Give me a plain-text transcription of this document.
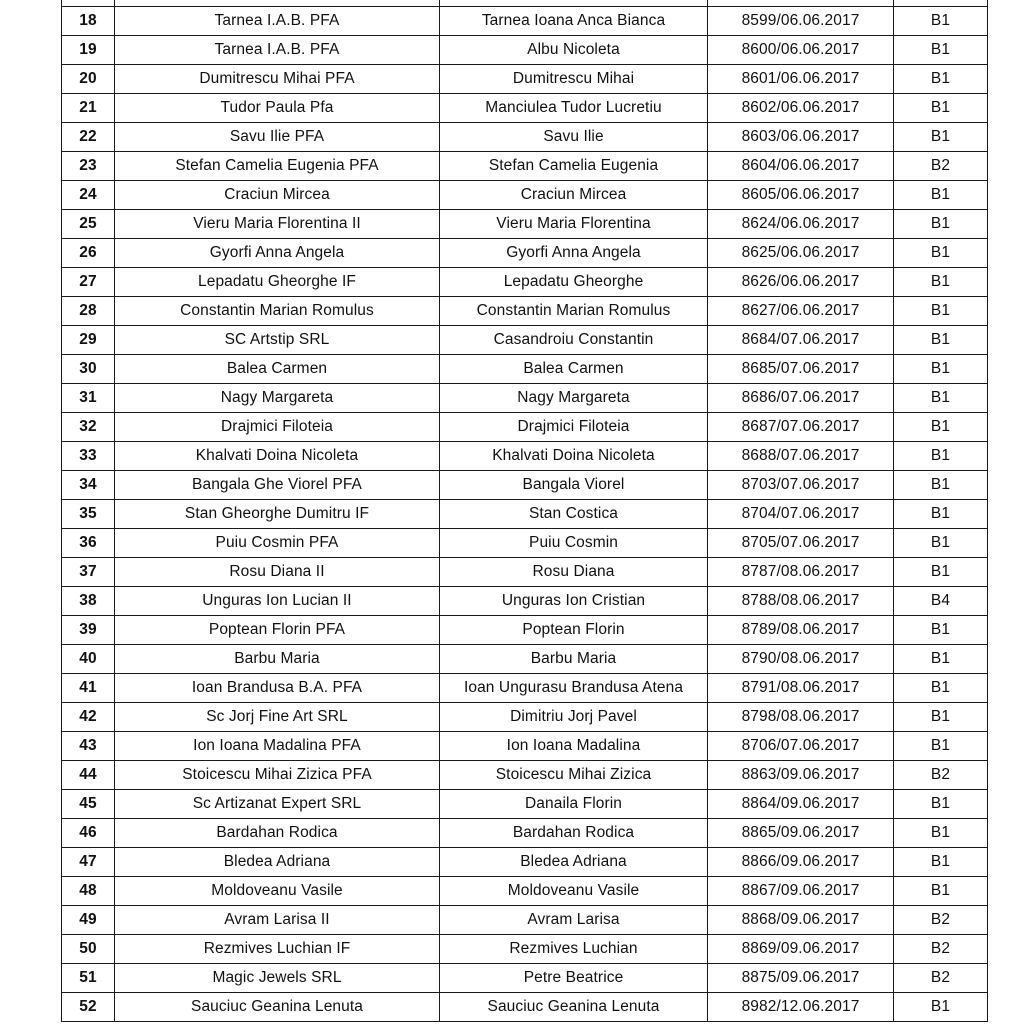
18	Tarnea I.A.B. PFA	Tarnea Ioana Anca Bianca	8599/06.06.2017	B1
19	Tarnea I.A.B. PFA	Albu Nicoleta	8600/06.06.2017	B1
20	Dumitrescu Mihai PFA	Dumitrescu Mihai	8601/06.06.2017	B1
21	Tudor Paula Pfa	Manciulea Tudor Lucretiu	8602/06.06.2017	B1
22	Savu Ilie PFA	Savu Ilie	8603/06.06.2017	B1
23	Stefan Camelia Eugenia PFA	Stefan Camelia Eugenia	8604/06.06.2017	B2
24	Craciun Mircea	Craciun Mircea	8605/06.06.2017	B1
25	Vieru Maria Florentina II	Vieru Maria Florentina	8624/06.06.2017	B1
26	Gyorfi Anna Angela	Gyorfi Anna Angela	8625/06.06.2017	B1
27	Lepadatu Gheorghe IF	Lepadatu Gheorghe	8626/06.06.2017	B1
28	Constantin Marian Romulus	Constantin Marian Romulus	8627/06.06.2017	B1
29	SC Artstip SRL	Casandroiu Constantin	8684/07.06.2017	B1
30	Balea Carmen	Balea Carmen	8685/07.06.2017	B1
31	Nagy Margareta	Nagy Margareta	8686/07.06.2017	B1
32	Drajmici Filoteia	Drajmici Filoteia	8687/07.06.2017	B1
33	Khalvati Doina Nicoleta	Khalvati Doina Nicoleta	8688/07.06.2017	B1
34	Bangala Ghe Viorel PFA	Bangala Viorel	8703/07.06.2017	B1
35	Stan Gheorghe Dumitru IF	Stan Costica	8704/07.06.2017	B1
36	Puiu Cosmin PFA	Puiu Cosmin	8705/07.06.2017	B1
37	Rosu Diana II	Rosu Diana	8787/08.06.2017	B1
38	Unguras Ion Lucian II	Unguras Ion Cristian	8788/08.06.2017	B4
39	Poptean Florin PFA	Poptean Florin	8789/08.06.2017	B1
40	Barbu Maria	Barbu Maria	8790/08.06.2017	B1
41	Ioan Brandusa B.A. PFA	Ioan Ungurasu Brandusa Atena	8791/08.06.2017	B1
42	Sc Jorj Fine Art SRL	Dimitriu Jorj Pavel	8798/08.06.2017	B1
43	Ion Ioana Madalina PFA	Ion Ioana Madalina	8706/07.06.2017	B1
44	Stoicescu Mihai Zizica PFA	Stoicescu Mihai Zizica	8863/09.06.2017	B2
45	Sc Artizanat Expert SRL	Danaila Florin	8864/09.06.2017	B1
46	Bardahan Rodica	Bardahan Rodica	8865/09.06.2017	B1
47	Bledea Adriana	Bledea Adriana	8866/09.06.2017	B1
48	Moldoveanu Vasile	Moldoveanu Vasile	8867/09.06.2017	B1
49	Avram Larisa II	Avram Larisa	8868/09.06.2017	B2
50	Rezmives Luchian IF	Rezmives Luchian	8869/09.06.2017	B2
51	Magic Jewels SRL	Petre Beatrice	8875/09.06.2017	B2
52	Sauciuc Geanina Lenuta	Sauciuc Geanina Lenuta	8982/12.06.2017	B1
